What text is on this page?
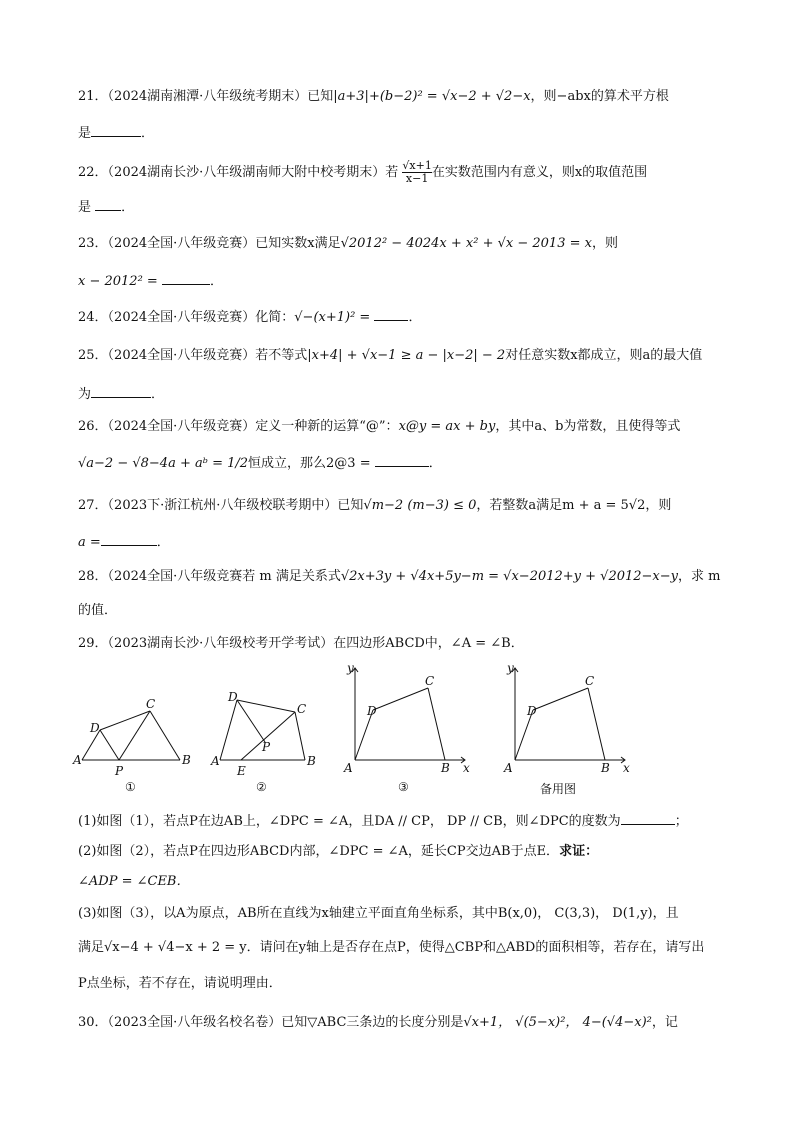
21．（2024湖南湘潭·八年级统考期末）已知|a+3|+(b−2)² = √x−2 + √2−x，则−abx的算术平方根
是	．
22．（2024湖南长沙·八年级湖南师大附中校考期末）若 $\frac{√x+1}{x-1}$ 在实数范围内有意义，则x的取值范围
是 ．
23．（2024全国·八年级竞赛）已知实数x满足√2012² − 4024x + x² + √x − 2013 = x，则
x − 2012² =	．
24．（2024全国·八年级竞赛）化简：√−(x+1)² =	．
25．（2024全国·八年级竞赛）若不等式|x+4| + √x−1 ≥ a − |x−2| − 2对任意实数x都成立，则a的最大值
为	．
26．（2024全国·八年级竞赛）定义一种新的运算“@”：x@y = ax + by，其中a、b为常数，且使得等式
√a−2 − √8−4a + aᵇ = 1/2恒成立，那么2@3 =	．
27．（2023下·浙江杭州·八年级校联考期中）已知√m−2 (m−3) ≤ 0，若整数a满足m + a = 5√2，则
a =	．
28．（2024全国·八年级竞赛若 m 满足关系式√2x+3y + √4x+5y−m = √x−2012+y + √2012−x−y，求 m
的值．
29．（2023湖南长沙·八年级校考开学考试）在四边形ABCD中，∠A = ∠B．
A	B
C
D
P
A	B
C
D
P
E	A	B
C
D
x
y
A	B
C
D
x
y
①	②	③	备用图
(1)如图（1），若点P在边AB上，∠DPC = ∠A，且DA // CP， DP // CB，则∠DPC的度数为	；
(2)如图（2），若点P在四边形ABCD内部，∠DPC = ∠A，延长CP交边AB于点E．求证：
∠ADP = ∠CEB．
(3)如图（3），以A为原点，AB所在直线为x轴建立平面直角坐标系，其中B(x,0)， C(3,3)， D(1,y)，且
满足√x−4 + √4−x + 2 = y．请问在y轴上是否存在点P，使得△CBP和△ABD的面积相等，若存在，请写出
P点坐标，若不存在，请说明理由．
30．（2023全国·八年级名校名卷）已知▽ABC三条边的长度分别是√x+1， √(5−x)²， 4−(√4−x)²，记
